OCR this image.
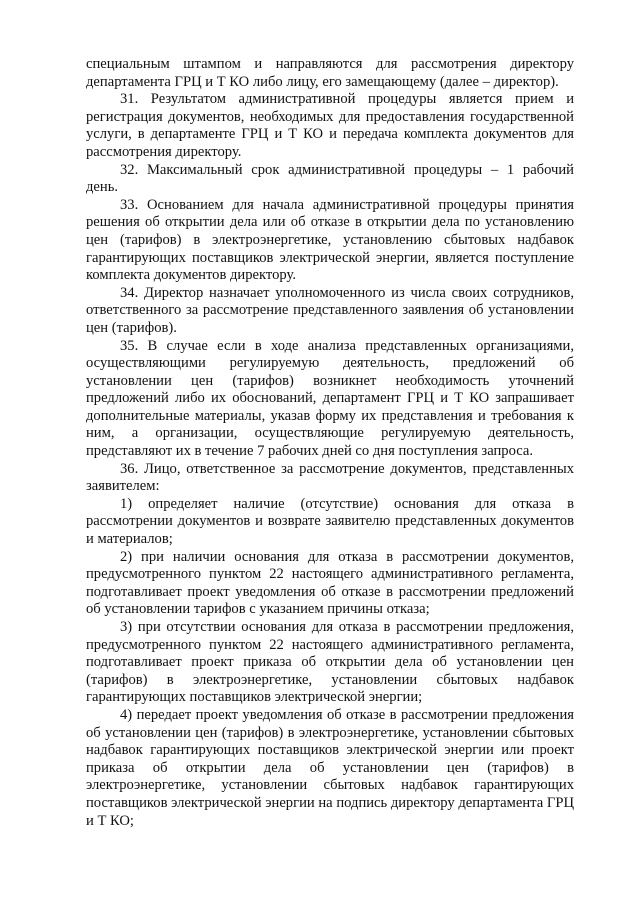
специальным штампом и направляются для рассмотрения директору департамента ГРЦ и Т КО либо лицу, его замещающему (далее – директор).

31. Результатом административной процедуры является прием и регистрация документов, необходимых для предоставления государственной услуги, в департаменте ГРЦ и Т КО и передача комплекта документов для рассмотрения директору.

32. Максимальный срок административной процедуры – 1 рабочий день.

33. Основанием для начала административной процедуры принятия решения об открытии дела или об отказе в открытии дела по установлению цен (тарифов) в электроэнергетике, установлению сбытовых надбавок гарантирующих поставщиков электрической энергии, является поступление комплекта документов директору.

34. Директор назначает уполномоченного из числа своих сотрудников, ответственного за рассмотрение представленного заявления об установлении цен (тарифов).

35. В случае если в ходе анализа представленных организациями, осуществляющими регулируемую деятельность, предложений об установлении цен (тарифов) возникнет необходимость уточнений предложений либо их обоснований, департамент ГРЦ и Т КО запрашивает дополнительные материалы, указав форму их представления и требования к ним, а организации, осуществляющие регулируемую деятельность, представляют их в течение 7 рабочих дней со дня поступления запроса.

36. Лицо, ответственное за рассмотрение документов, представленных заявителем:

1) определяет наличие (отсутствие) основания для отказа в рассмотрении документов и возврате заявителю представленных документов и материалов;

2) при наличии основания для отказа в рассмотрении документов, предусмотренного пунктом 22 настоящего административного регламента, подготавливает проект уведомления об отказе в рассмотрении предложений об установлении тарифов с указанием причины отказа;

3) при отсутствии основания для отказа в рассмотрении предложения, предусмотренного пунктом 22 настоящего административного регламента, подготавливает проект приказа об открытии дела об установлении цен (тарифов) в электроэнергетике, установлении сбытовых надбавок гарантирующих поставщиков электрической энергии;

4) передает проект уведомления об отказе в рассмотрении предложения об установлении цен (тарифов) в электроэнергетике, установлении сбытовых надбавок гарантирующих поставщиков электрической энергии или проект приказа об открытии дела об установлении цен (тарифов) в электроэнергетике, установлении сбытовых надбавок гарантирующих поставщиков электрической энергии на подпись директору департамента ГРЦ и Т КО;
